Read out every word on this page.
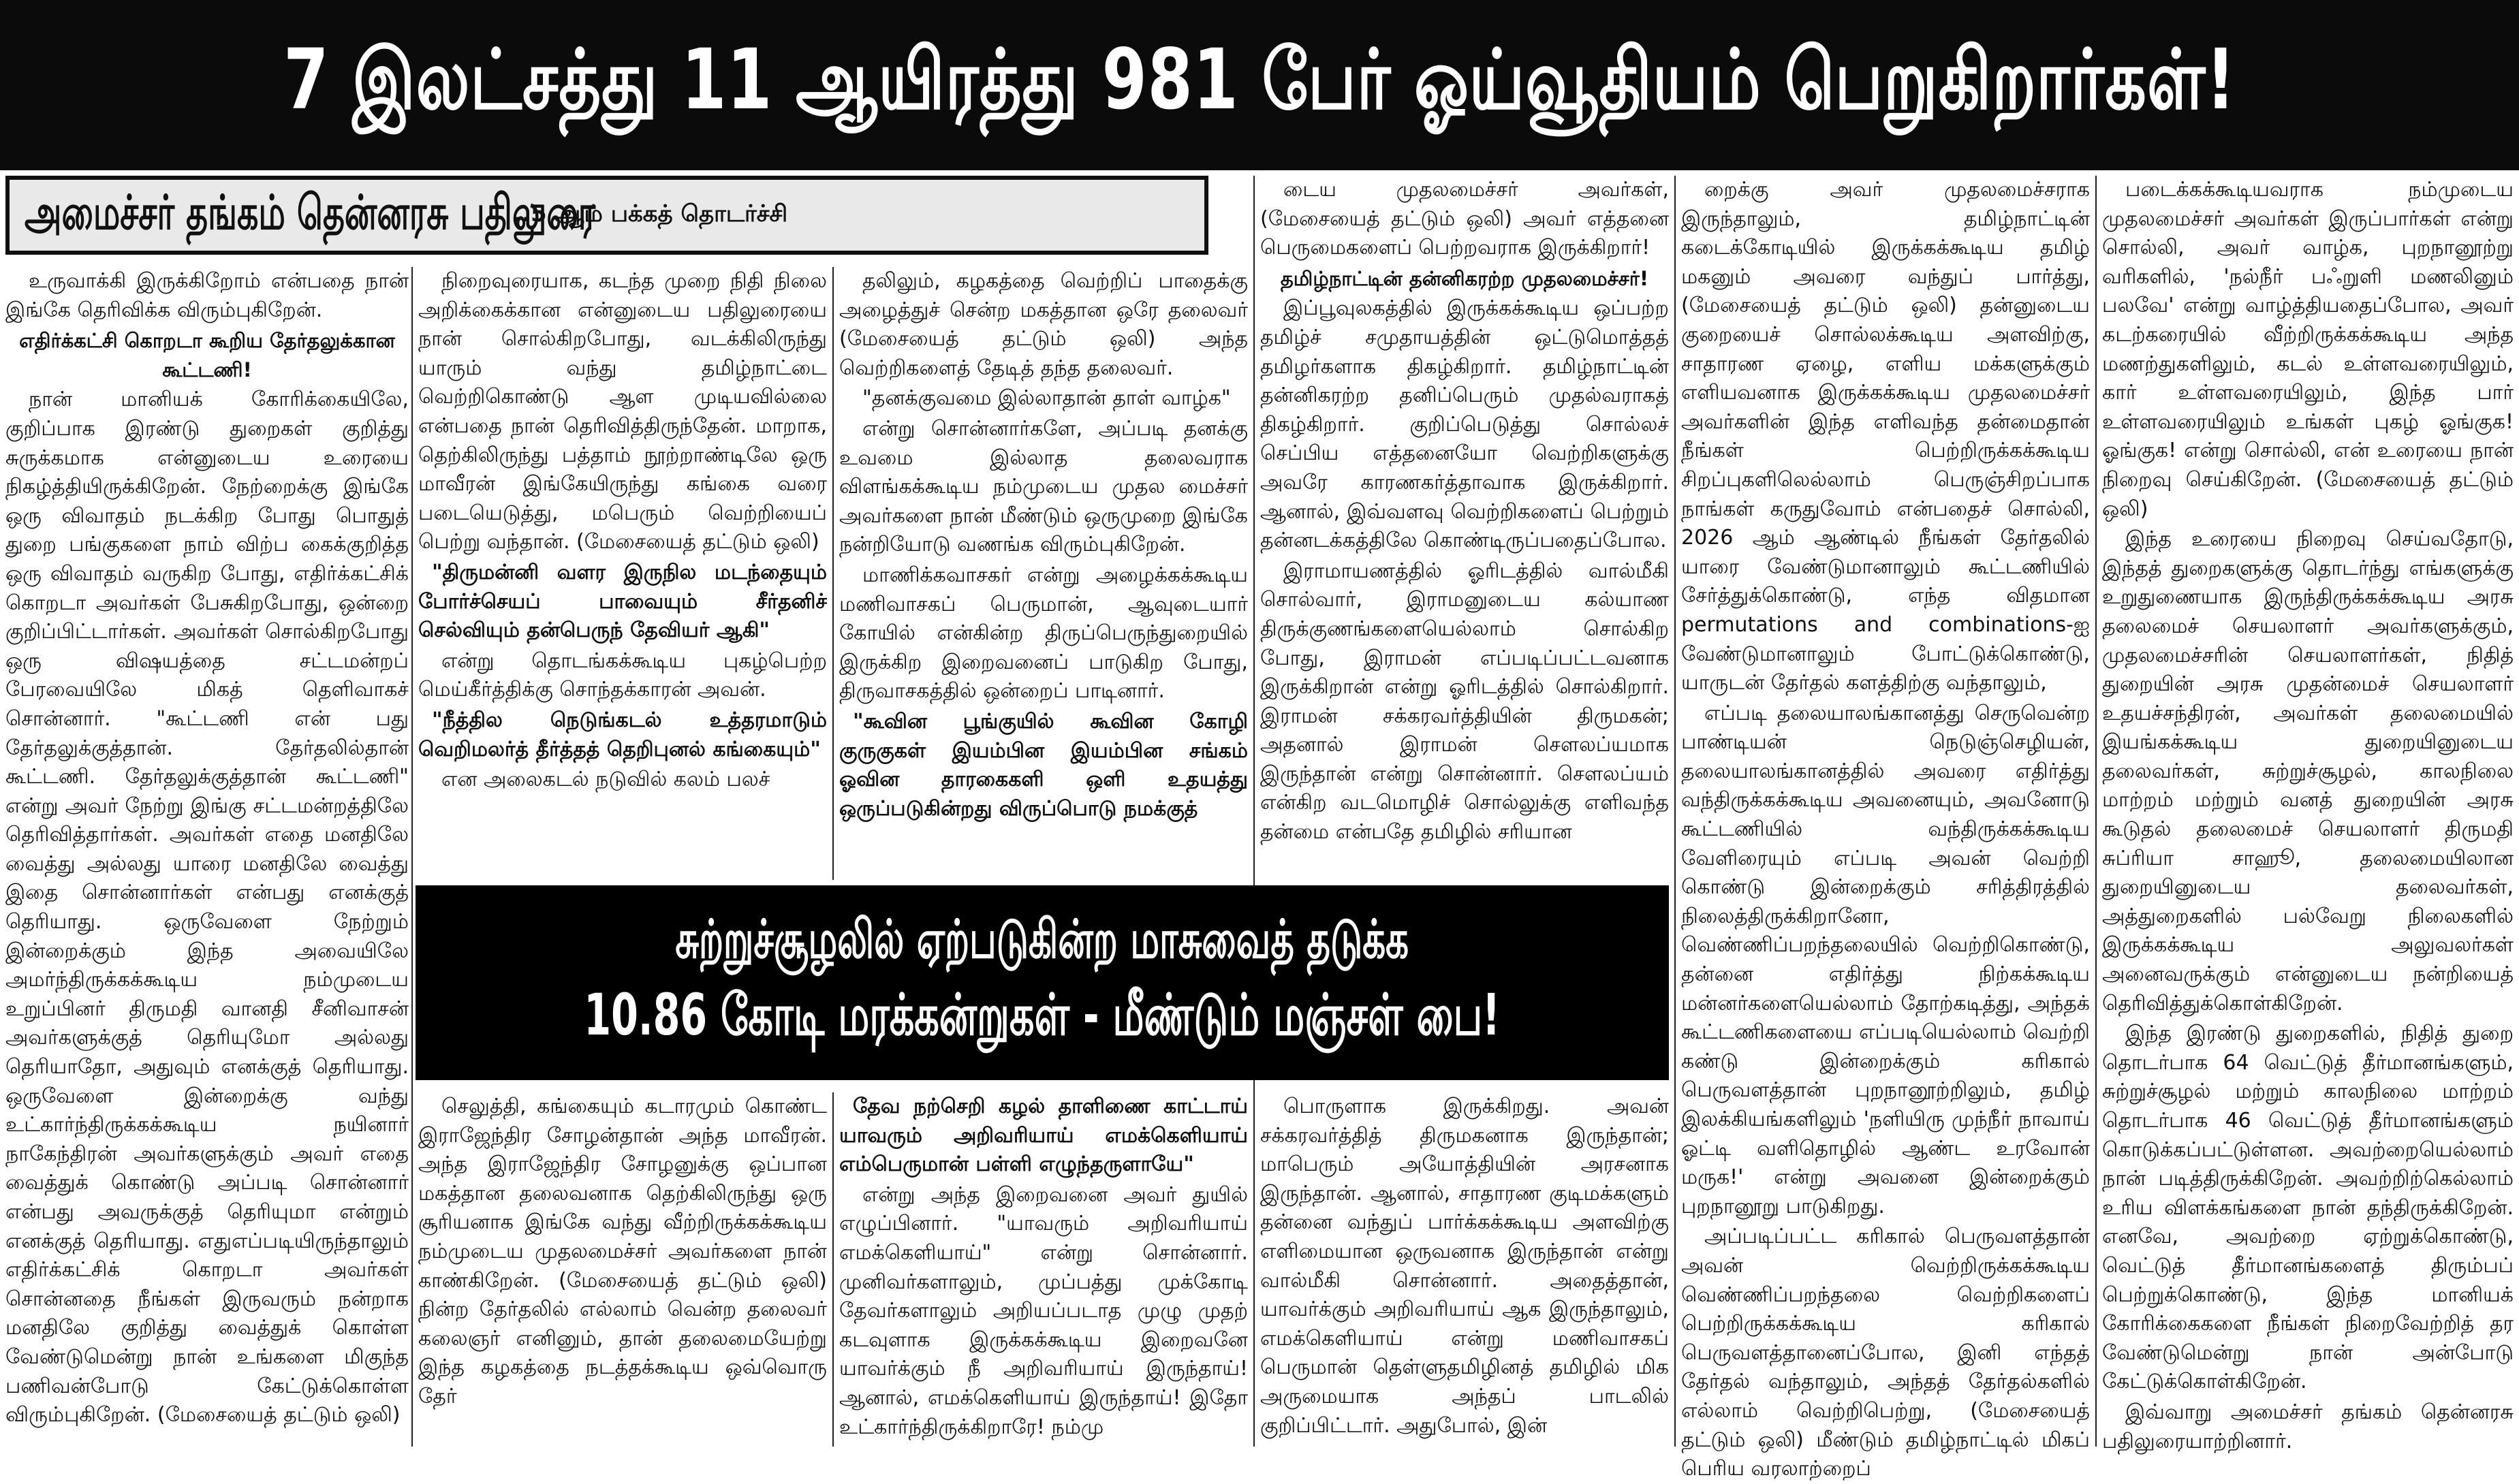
7 இலட்சத்து 11 ஆயிரத்து 981 பேர் ஓய்வூதியம் பெறுகிறார்கள்!
அமைச்சர் தங்கம் தென்னரசு பதிலுரை
..5 ஆம் பக்கத் தொடர்ச்சி

உருவாக்கி இருக்கிறோம் என்பதை நான் இங்கே தெரிவிக்க விரும்புகிறேன்.

எதிர்க்கட்சி கொறடா கூறிய தேர்தலுக்கான கூட்டணி!

நான் மானியக் கோரிக்கையிலே, குறிப்பாக இரண்டு துறைகள் குறித்து சுருக்கமாக என்னுடைய உரையை நிகழ்த்தியிருக்கிறேன். நேற்றைக்கு இங்கே ஒரு விவாதம் நடக்கிற போது பொதுத் துறை பங்குகளை நாம் விற்ப கைக்குறித்த ஒரு விவாதம் வருகிற போது, எதிர்க்கட்சிக் கொறடா அவர்கள் பேசுகிறபோது, ஒன்றை குறிப்பிட்டார்கள். அவர்கள் சொல்கிறபோது ஒரு விஷயத்தை சட்டமன்றப் பேரவையிலே மிகத் தெளிவாகச் சொன்னார். "கூட்டணி என் பது தேர்தலுக்குத்தான். தேர்தலில்தான் கூட்டணி. தேர்தலுக்குத்தான் கூட்டணி" என்று அவர் நேற்று இங்கு சட்டமன்றத்திலே தெரிவித்தார்கள். அவர்கள் எதை மனதிலே வைத்து அல்லது யாரை மனதிலே வைத்து இதை சொன்னார்கள் என்பது எனக்குத் தெரியாது. ஒருவேளை நேற்றும் இன்றைக்கும் இந்த அவையிலே அமர்ந்திருக்கக்கூடிய நம்முடைய உறுப்பினர் திருமதி வானதி சீனிவாசன் அவர்களுக்குத் தெரியுமோ அல்லது தெரியாதோ, அதுவும் எனக்குத் தெரியாது. ஒருவேளை இன்றைக்கு வந்து உட்கார்ந்திருக்கக்கூடிய நயினார் நாகேந்திரன் அவர்களுக்கும் அவர் எதை வைத்துக் கொண்டு அப்படி சொன்னார் என்பது அவருக்குத் தெரியுமா என்றும் எனக்குத் தெரியாது. எதுஎப்படியிருந்தாலும் எதிர்க்கட்சிக் கொறடா அவர்கள் சொன்னதை நீங்கள் இருவரும் நன்றாக மனதிலே குறித்து வைத்துக் கொள்ள வேண்டுமென்று நான் உங்களை மிகுந்த பணிவன்போடு கேட்டுக்கொள்ள விரும்புகிறேன். (மேசையைத் தட்டும் ஒலி)

நிறைவுரையாக, கடந்த முறை நிதி நிலை அறிக்கைக்கான என்னுடைய பதிலுரையை நான் சொல்கிறபோது, வடக்கிலிருந்து யாரும் வந்து தமிழ்நாட்டை வெற்றிகொண்டு ஆள முடியவில்லை என்பதை நான் தெரிவித்திருந்தேன். மாறாக, தெற்கிலிருந்து பத்தாம் நூற்றாண்டிலே ஒரு மாவீரன் இங்கேயிருந்து கங்கை வரை படையெடுத்து, மபெரும் வெற்றியைப் பெற்று வந்தான். (மேசையைத் தட்டும் ஒலி)

"திருமன்னி வளர இருநில மடந்தையும் போர்ச்செயப் பாவையும் சீர்தனிச் செல்வியும் தன்பெருந் தேவியர் ஆகி"

என்று தொடங்கக்கூடிய புகழ்பெற்ற மெய்கீர்த்திக்கு சொந்தக்காரன் அவன்.

"நீத்தில நெடுங்கடல் உத்தரமாடும் வெறிமலர்த் தீர்த்தத் தெறிபுனல் கங்கையும்"

என அலைகடல் நடுவில் கலம் பலச்

தலிலும், கழகத்தை வெற்றிப் பாதைக்கு அழைத்துச் சென்ற மகத்தான ஒரே தலைவர் (மேசையைத் தட்டும் ஒலி) அந்த வெற்றிகளைத் தேடித் தந்த தலைவர்.

"தனக்குவமை இல்லாதான் தாள் வாழ்க"

என்று சொன்னார்களே, அப்படி தனக்கு உவமை இல்லாத தலைவராக விளங்கக்கூடிய நம்முடைய முதல மைச்சர் அவர்களை நான் மீண்டும் ஒருமுறை இங்கே நன்றியோடு வணங்க விரும்புகிறேன்.

மாணிக்கவாசகர் என்று அழைக்கக்கூடிய மணிவாசகப் பெருமான், ஆவுடையார் கோயில் என்கின்ற திருப்பெருந்துறையில் இருக்கிற இறைவனைப் பாடுகிற போது, திருவாசகத்தில் ஒன்றைப் பாடினார்.

"கூவின பூங்குயில் கூவின கோழி குருகுகள் இயம்பின இயம்பின சங்கம் ஓவின தாரகைகளி ஒளி உதயத்து ஒருப்படுகின்றது விருப்பொடு நமக்குத்

சுற்றுச்சூழலில் ஏற்படுகின்ற மாசுவைத் தடுக்க
10.86 கோடி மரக்கன்றுகள் - மீண்டும் மஞ்சள் பை!

செலுத்தி, கங்கையும் கடாரமும் கொண்ட இராஜேந்திர சோழன்தான் அந்த மாவீரன். அந்த இராஜேந்திர சோழனுக்கு ஒப்பான மகத்தான தலைவனாக தெற்கிலிருந்து ஒரு சூரியனாக இங்கே வந்து வீற்றிருக்கக்கூடிய நம்முடைய முதலமைச்சர் அவர்களை நான் காண்கிறேன். (மேசையைத் தட்டும் ஒலி) நின்ற தேர்தலில் எல்லாம் வென்ற தலைவர் கலைஞர் எனினும், தான் தலைமையேற்று இந்த கழகத்தை நடத்தக்கூடிய ஒவ்வொரு தேர்

தேவ நற்செறி கழல் தாளிணை காட்டாய் யாவரும் அறிவரியாய் எமக்கெளியாய் எம்பெருமான் பள்ளி எழுந்தருளாயே"

என்று அந்த இறைவனை அவர் துயில் எழுப்பினார். "யாவரும் அறிவரியாய் எமக்கெளியாய்" என்று சொன்னார். முனிவர்களாலும், முப்பத்து முக்கோடி தேவர்களாலும் அறியப்படாத முழு முதற் கடவுளாக இருக்கக்கூடிய இறைவனே யாவர்க்கும் நீ அறிவரியாய் இருந்தாய்! ஆனால், எமக்கெளியாய் இருந்தாய்! இதோ உட்கார்ந்திருக்கிறாரே! நம்மு

டைய முதலமைச்சர் அவர்கள், (மேசையைத் தட்டும் ஒலி) அவர் எத்தனை பெருமைகளைப் பெற்றவராக இருக்கிறார்!

தமிழ்நாட்டின் தன்னிகரற்ற முதலமைச்சர்!

இப்பூவுலகத்தில் இருக்கக்கூடிய ஒப்பற்ற தமிழ்ச் சமுதாயத்தின் ஒட்டுமொத்தத் தமிழர்களாக திகழ்கிறார். தமிழ்நாட்டின் தன்னிகரற்ற தனிப்பெரும் முதல்வராகத் திகழ்கிறார். குறிப்பெடுத்து சொல்லச் செப்பிய எத்தனையோ வெற்றிகளுக்கு அவரே காரணகர்த்தாவாக இருக்கிறார். ஆனால், இவ்வளவு வெற்றிகளைப் பெற்றும் தன்னடக்கத்திலே கொண்டிருப்பதைப்போல.

இராமாயணத்தில் ஓரிடத்தில் வால்மீகி சொல்வார், இராமனுடைய கல்யாண திருக்குணங்களையெல்லாம் சொல்கிற போது, இராமன் எப்படிப்பட்டவனாக இருக்கிறான் என்று ஓரிடத்தில் சொல்கிறார். இராமன் சக்கரவர்த்தியின் திருமகன்; அதனால் இராமன் செளலப்யமாக இருந்தான் என்று சொன்னார். செளலப்யம் என்கிற வடமொழிச் சொல்லுக்கு எளிவந்த தன்மை என்பதே தமிழில் சரியான

பொருளாக இருக்கிறது. அவன் சக்கரவர்த்தித் திருமகனாக இருந்தான்; மாபெரும் அயோத்தியின் அரசனாக இருந்தான். ஆனால், சாதாரண குடிமக்களும் தன்னை வந்துப் பார்க்கக்கூடிய அளவிற்கு எளிமையான ஒருவனாக இருந்தான் என்று வால்மீகி சொன்னார். அதைத்தான், யாவர்க்கும் அறிவரியாய் ஆக இருந்தாலும், எமக்கெளியாய் என்று மணிவாசகப் பெருமான் தெள்ளுதமிழினத் தமிழில் மிக அருமையாக அந்தப் பாடலில் குறிப்பிட்டார். அதுபோல், இன்

றைக்கு அவர் முதலமைச்சராக இருந்தாலும், தமிழ்நாட்டின் கடைக்கோடியில் இருக்கக்கூடிய தமிழ் மகனும் அவரை வந்துப் பார்த்து, (மேசையைத் தட்டும் ஒலி) தன்னுடைய குறையைச் சொல்லக்கூடிய அளவிற்கு, சாதாரண ஏழை, எளிய மக்களுக்கும் எளியவனாக இருக்கக்கூடிய முதலமைச்சர் அவர்களின் இந்த எளிவந்த தன்மைதான் நீங்கள் பெற்றிருக்கக்கூடிய சிறப்புகளிலெல்லாம் பெருஞ்சிறப்பாக நாங்கள் கருதுவோம் என்பதைச் சொல்லி, 2026 ஆம் ஆண்டில் நீங்கள் தேர்தலில் யாரை வேண்டுமானாலும் கூட்டணியில் சேர்த்துக்கொண்டு, எந்த விதமான permutations and combinations-ஐ வேண்டுமானாலும் போட்டுக்கொண்டு, யாருடன் தேர்தல் களத்திற்கு வந்தாலும்,

எப்படி தலையாலங்கானத்து செருவென்ற பாண்டியன் நெடுஞ்செழியன், தலையாலங்கானத்தில் அவரை எதிர்த்து வந்திருக்கக்கூடிய அவனையும், அவனோடு கூட்டணியில் வந்திருக்கக்கூடிய வேளிரையும் எப்படி அவன் வெற்றி கொண்டு இன்றைக்கும் சரித்திரத்தில் நிலைத்திருக்கிறானோ, வெண்ணிப்பறந்தலையில் வெற்றிகொண்டு, தன்னை எதிர்த்து நிற்கக்கூடிய மன்னர்களையெல்லாம் தோற்கடித்து, அந்தக் கூட்டணிகளையை எப்படியெல்லாம் வெற்றி கண்டு இன்றைக்கும் கரிகால் பெருவளத்தான் புறநானூற்றிலும், தமிழ் இலக்கியங்களிலும் 'நளியிரு முந்நீர் நாவாய் ஓட்டி வளிதொழில் ஆண்ட உரவோன் மருக!' என்று அவனை இன்றைக்கும் புறநானூறு பாடுகிறது.

அப்படிப்பட்ட கரிகால் பெருவளத்தான் அவன் வெற்றிருக்கக்கூடிய வெண்ணிப்பறந்தலை வெற்றிகளைப் பெற்றிருக்கக்கூடிய கரிகால் பெருவளத்தானைப்போல, இனி எந்தத் தேர்தல் வந்தாலும், அந்தத் தேர்தல்களில் எல்லாம் வெற்றிபெற்று, (மேசையைத் தட்டும் ஒலி) மீண்டும் தமிழ்நாட்டில் மிகப் பெரிய வரலாற்றைப்

படைக்கக்கூடியவராக நம்முடைய முதலமைச்சர் அவர்கள் இருப்பார்கள் என்று சொல்லி, அவர் வாழ்க, புறநானூற்று வரிகளில், 'நல்நீர் பஃறுளி மணலினும் பலவே' என்று வாழ்த்தியதைப்போல, அவர் கடற்கரையில் வீற்றிருக்கக்கூடிய அந்த மணற்துகளிலும், கடல் உள்ளவரையிலும், கார் உள்ளவரையிலும், இந்த பார் உள்ளவரையிலும் உங்கள் புகழ் ஓங்குக! ஓங்குக! என்று சொல்லி, என் உரையை நான் நிறைவு செய்கிறேன். (மேசையைத் தட்டும் ஒலி)

இந்த உரையை நிறைவு செய்வதோடு, இந்தத் துறைகளுக்கு தொடர்ந்து எங்களுக்கு உறுதுணையாக இருந்திருக்கக்கூடிய அரசு தலைமைச் செயலாளர் அவர்களுக்கும், முதலமைச்சரின் செயலாளர்கள், நிதித் துறையின் அரசு முதன்மைச் செயலாளர் உதயச்சந்திரன், அவர்கள் தலைமையில் இயங்கக்கூடிய துறையினுடைய தலைவர்கள், சுற்றுச்சூழல், காலநிலை மாற்றம் மற்றும் வனத் துறையின் அரசு கூடுதல் தலைமைச் செயலாளர் திருமதி சுப்ரியா சாஹூ, தலைமையிலான துறையினுடைய தலைவர்கள், அத்துறைகளில் பல்வேறு நிலைகளில் இருக்கக்கூடிய அலுவலர்கள் அனைவருக்கும் என்னுடைய நன்றியைத் தெரிவித்துக்கொள்கிறேன்.

இந்த இரண்டு துறைகளில், நிதித் துறை தொடர்பாக 64 வெட்டுத் தீர்மானங்களும், சுற்றுச்சூழல் மற்றும் காலநிலை மாற்றம் தொடர்பாக 46 வெட்டுத் தீர்மானங்களும் கொடுக்கப்பட்டுள்ளன. அவற்றையெல்லாம் நான் படித்திருக்கிறேன். அவற்றிற்கெல்லாம் உரிய விளக்கங்களை நான் தந்திருக்கிறேன். எனவே, அவற்றை ஏற்றுக்கொண்டு, வெட்டுத் தீர்மானங்களைத் திரும்பப் பெற்றுக்கொண்டு, இந்த மானியக் கோரிக்கைகளை நீங்கள் நிறைவேற்றித் தர வேண்டுமென்று நான் அன்போடு கேட்டுக்கொள்கிறேன்.

இவ்வாறு அமைச்சர் தங்கம் தென்னரசு பதிலுரையாற்றினார்.
